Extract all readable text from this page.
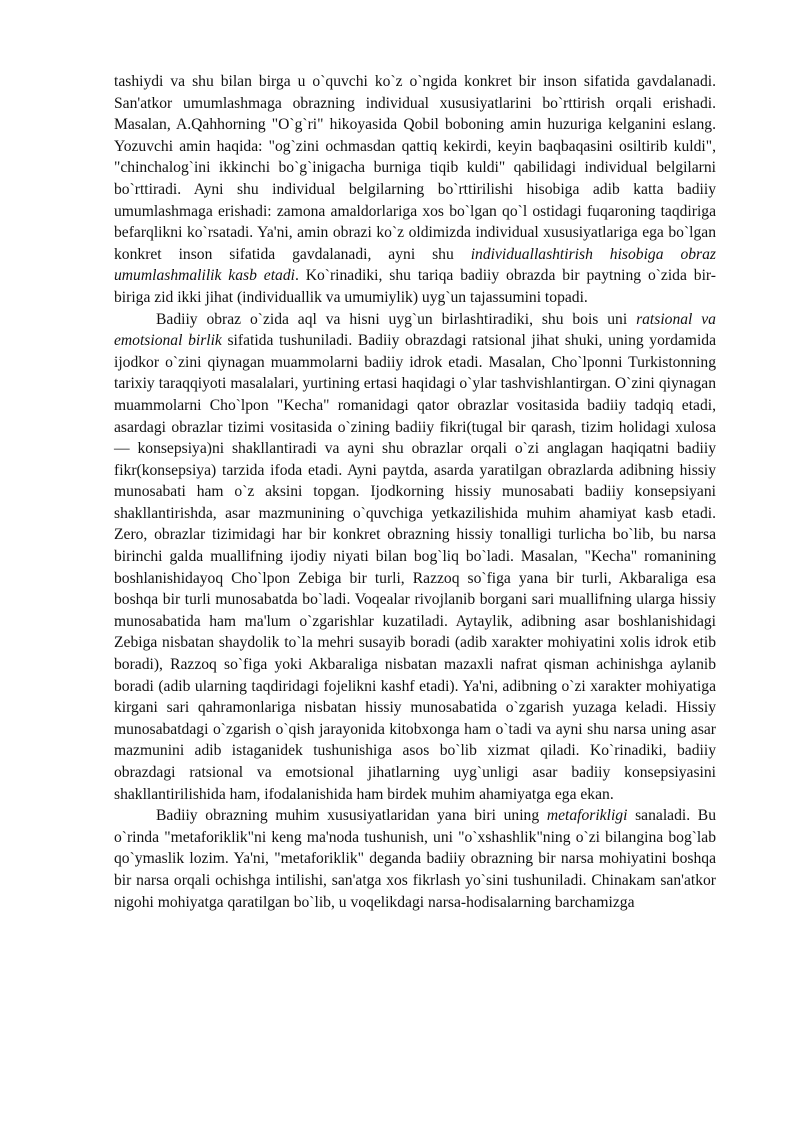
tashiydi va shu bilan birga u o`quvchi ko`z o`ngida konkret bir inson sifatida gavdalanadi. San'atkor umumlashmaga obrazning individual xususiyatlarini bo`rttirish orqali erishadi. Masalan, A.Qahhorning "O`g`ri" hikoyasida Qobil boboning amin huzuriga kelganini eslang. Yozuvchi amin haqida: "og`zini ochmasdan qattiq kekirdi, keyin baqbaqasini osiltirib kuldi", "chinchalog`ini ikkinchi bo`g`inigacha burniga tiqib kuldi" qabilidagi individual belgilarni bo`rttiradi. Ayni shu individual belgilarning bo`rttirilishi hisobiga adib katta badiiy umumlashmaga erishadi: zamona amaldorlariga xos bo`lgan qo`l ostidagi fuqaroning taqdiriga befarqlikni ko`rsatadi. Ya'ni, amin obrazi ko`z oldimizda individual xususiyatlariga ega bo`lgan konkret inson sifatida gavdalanadi, ayni shu individuallashtirish hisobiga obraz umumlashmalilik kasb etadi. Ko`rinadiki, shu tariqa badiiy obrazda bir paytning o`zida bir-biriga zid ikki jihat (individuallik va umumiylik) uyg`un tajassumini topadi.

Badiiy obraz o`zida aql va hisni uyg`un birlashtiradiki, shu bois uni ratsional va emotsional birlik sifatida tushuniladi. Badiiy obrazdagi ratsional jihat shuki, uning yordamida ijodkor o`zini qiynagan muammolarni badiiy idrok etadi. Masalan, Cho`lponni Turkistonning tarixiy taraqqiyoti masalalari, yurtining ertasi haqidagi o`ylar tashvishlantirgan. O`zini qiynagan muammolarni Cho`lpon "Kecha" romanidagi qator obrazlar vositasida badiiy tadqiq etadi, asardagi obrazlar tizimi vositasida o`zining badiiy fikri(tugal bir qarash, tizim holidagi xulosa — konsepsiya)ni shakllantiradi va ayni shu obrazlar orqali o`zi anglagan haqiqatni badiiy fikr(konsepsiya) tarzida ifoda etadi. Ayni paytda, asarda yaratilgan obrazlarda adibning hissiy munosabati ham o`z aksini topgan. Ijodkorning hissiy munosabati badiiy konsepsiyani shakllantirishda, asar mazmunining o`quvchiga yetkazilishida muhim ahamiyat kasb etadi. Zero, obrazlar tizimidagi har bir konkret obrazning hissiy tonalligi turlicha bo`lib, bu narsa birinchi galda muallifning ijodiy niyati bilan bog`liq bo`ladi. Masalan, "Kecha" romanining boshlanishidayoq Cho`lpon Zebiga bir turli, Razzoq so`figa yana bir turli, Akbaraliga esa boshqa bir turli munosabatda bo`ladi. Voqealar rivojlanib borgani sari muallifning ularga hissiy munosabatida ham ma'lum o`zgarishlar kuzatiladi. Aytaylik, adibning asar boshlanishidagi Zebiga nisbatan shaydolik to`la mehri susayib boradi (adib xarakter mohiyatini xolis idrok etib boradi), Razzoq so`figa yoki Akbaraliga nisbatan mazaxli nafrat qisman achinishga aylanib boradi (adib ularning taqdiridagi fojelikni kashf etadi). Ya'ni, adibning o`zi xarakter mohiyatiga kirgani sari qahramonlariga nisbatan hissiy munosabatida o`zgarish yuzaga keladi. Hissiy munosabatdagi o`zgarish o`qish jarayonida kitobxonga ham o`tadi va ayni shu narsa uning asar mazmunini adib istaganidek tushunishiga asos bo`lib xizmat qiladi. Ko`rinadiki, badiiy obrazdagi ratsional va emotsional jihatlarning uyg`unligi asar badiiy konsepsiyasini shakllantirilishida ham, ifodalanishida ham birdek muhim ahamiyatga ega ekan.

Badiiy obrazning muhim xususiyatlaridan yana biri uning metaforikligi sanaladi. Bu o`rinda "metaforiklik"ni keng ma'noda tushunish, uni "o`xshashlik"ning o`zi bilangina bog`lab qo`ymaslik lozim. Ya'ni, "metaforiklik" deganda badiiy obrazning bir narsa mohiyatini boshqa bir narsa orqali ochishga intilishi, san'atga xos fikrlash yo`sini tushuniladi. Chinakam san'atkor nigohi mohiyatga qaratilgan bo`lib, u voqelikdagi narsa-hodisalarning barchamizga
